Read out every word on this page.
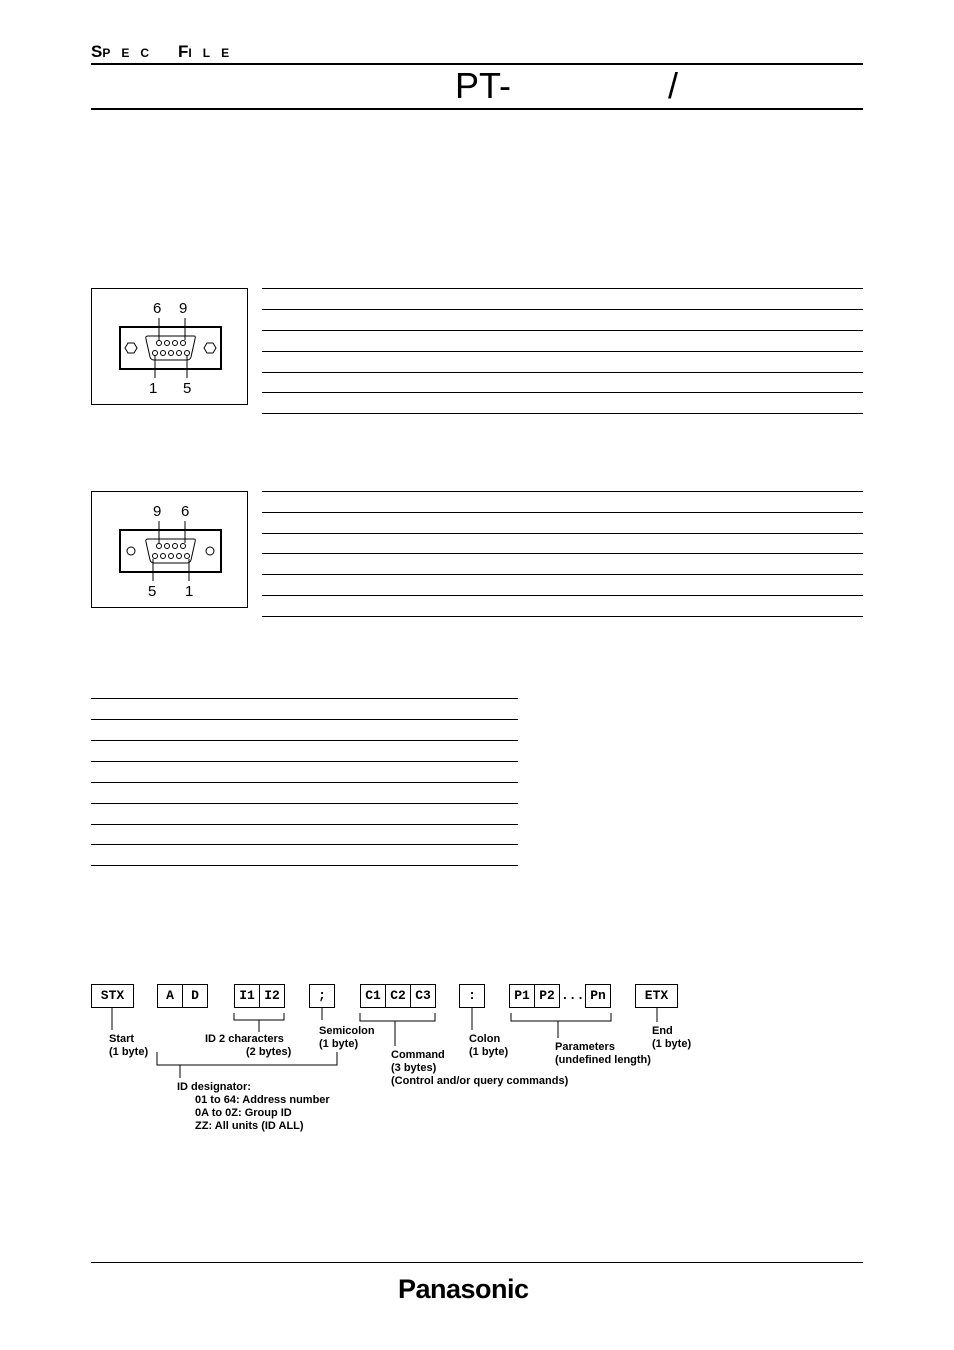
SPEC FILE
PT-	/
6 9
1 5
9 6
5 1
STX	A	D	I1 I2	;	C1 C2 C3	:	P1 P2 ... Pn	ETX
Start
(1 byte)
ID 2 characters
(2 bytes)
Semicolon
(1 byte)
Command
(3 bytes)
(Control and/or query commands)
Colon
(1 byte)	Parameters
(undefined length)
End
(1 byte)
ID designator:
01 to 64: Address number
0A to 0Z: Group ID
ZZ: All units (ID ALL)
Panasonic
